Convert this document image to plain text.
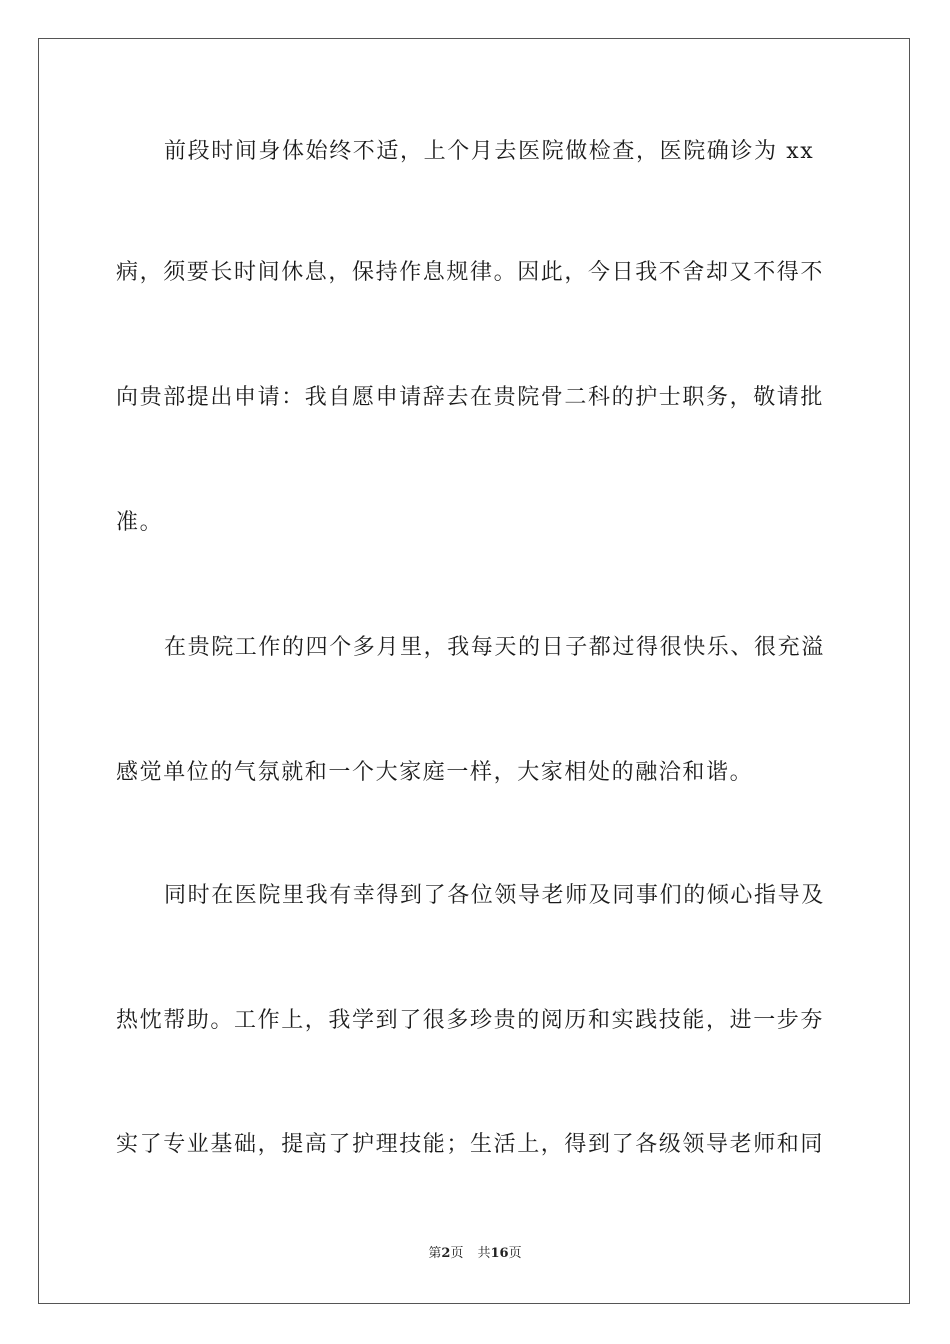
前段时间身体始终不适，上个月去医院做检查，医院确诊为 xx
病，须要长时间休息，保持作息规律。因此，今日我不舍却又不得不
向贵部提出申请：我自愿申请辞去在贵院骨二科的护士职务，敬请批
准。
在贵院工作的四个多月里，我每天的日子都过得很快乐、很充溢
感觉单位的气氛就和一个大家庭一样，大家相处的融洽和谐。
同时在医院里我有幸得到了各位领导老师及同事们的倾心指导及
热忱帮助。工作上，我学到了很多珍贵的阅历和实践技能，进一步夯
实了专业基础，提高了护理技能；生活上，得到了各级领导老师和同
第2页 共16页
